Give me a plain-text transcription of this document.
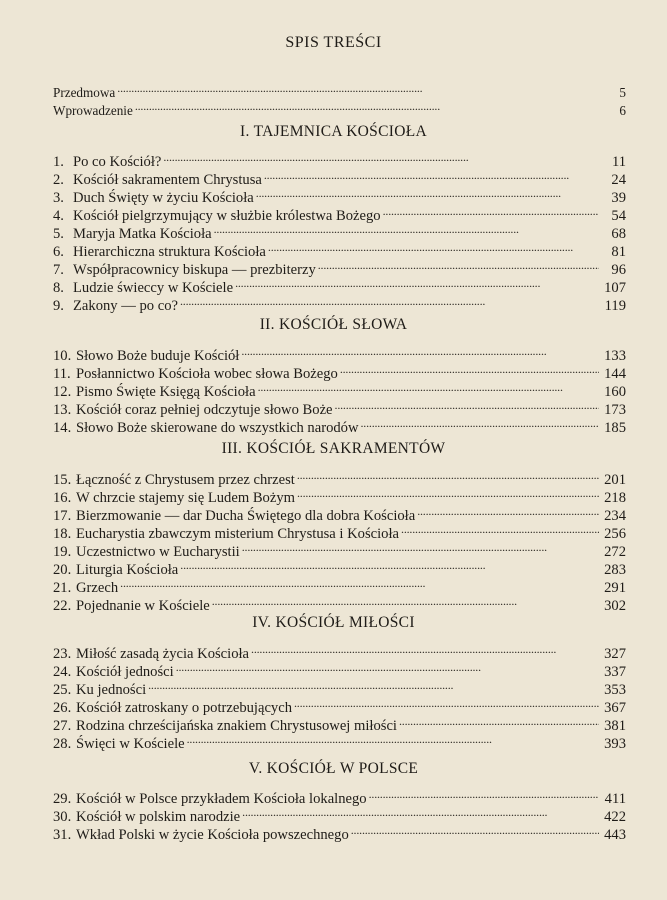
SPIS TREŚCI
Przedmowa . . .	5
Wprowadzenie . . .	6
I. TAJEMNICA KOŚCIOŁA
1. Po co Kościół? . . .	11
2. Kościół sakramentem Chrystusa . . .	24
3. Duch Święty w życiu Kościoła . . .	39
4. Kościół pielgrzymujący w służbie królestwa Bożego . . .	54
5. Maryja Matka Kościoła . . .	68
6. Hierarchiczna struktura Kościoła . . .	81
7. Współpracownicy biskupa — prezbiterzy . . .	96
8. Ludzie świeccy w Kościele . . .	107
9. Zakony — po co? . . .	119
II. KOŚCIÓŁ SŁOWA
10. Słowo Boże buduje Kościół . . .	133
11. Posłannictwo Kościoła wobec słowa Bożego . . .	144
12. Pismo Święte Księgą Kościoła . . .	160
13. Kościół coraz pełniej odczytuje słowo Boże . . .	173
14. Słowo Boże skierowane do wszystkich narodów . . .	185
III. KOŚCIÓŁ SAKRAMENTÓW
15. Łączność z Chrystusem przez chrzest . . .	201
16. W chrzcie stajemy się Ludem Bożym . . .	218
17. Bierzmowanie — dar Ducha Świętego dla dobra Kościoła . . .	234
18. Eucharystia zbawczym misterium Chrystusa i Kościoła . . .	256
19. Uczestnictwo w Eucharystii . . .	272
20. Liturgia Kościoła . . .	283
21. Grzech . . .	291
22. Pojednanie w Kościele . . .	302
IV. KOŚCIÓŁ MIŁOŚCI
23. Miłość zasadą życia Kościoła . . .	327
24. Kościół jedności . . .	337
25. Ku jedności . . .	353
26. Kościół zatroskany o potrzebujących . . .	367
27. Rodzina chrześcijańska znakiem Chrystusowej miłości . . .	381
28. Święci w Kościele . . .	393
V. KOŚCIÓŁ W POLSCE
29. Kościół w Polsce przykładem Kościoła lokalnego . . .	411
30. Kościół w polskim narodzie . . .	422
31. Wkład Polski w życie Kościoła powszechnego . . .	443
